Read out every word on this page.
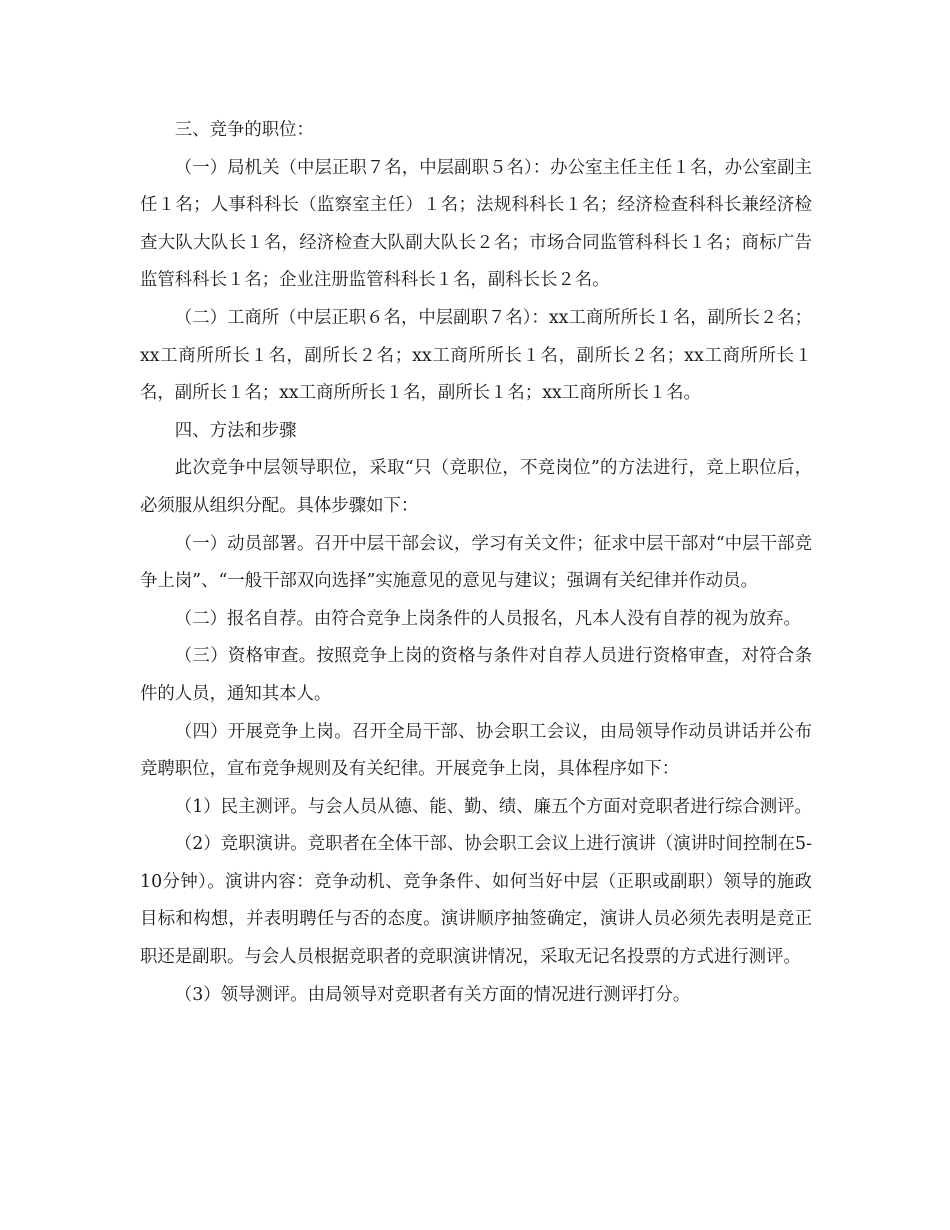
三、竞争的职位：

（一）局机关（中层正职７名，中层副职５名）：办公室主任主任１名，办公室副主任１名；人事科科长（监察室主任）１名；法规科科长１名；经济检查科科长兼经济检查大队大队长１名，经济检查大队副大队长２名；市场合同监管科科长１名；商标广告监管科科长１名；企业注册监管科科长１名，副科长长２名。

（二）工商所（中层正职６名，中层副职７名）：xx工商所所长１名，副所长２名；xx工商所所长１名，副所长２名；xx工商所所长１名，副所长２名；xx工商所所长１名，副所长１名；xx工商所所长１名，副所长１名；xx工商所所长１名。

四、方法和步骤

此次竞争中层领导职位，采取“只（竞职位，不竞岗位”的方法进行，竞上职位后，必须服从组织分配。具体步骤如下：

（一）动员部署。召开中层干部会议，学习有关文件；征求中层干部对“中层干部竞争上岗”、“一般干部双向选择”实施意见的意见与建议；强调有关纪律并作动员。

（二）报名自荐。由符合竞争上岗条件的人员报名，凡本人没有自荐的视为放弃。

（三）资格审查。按照竞争上岗的资格与条件对自荐人员进行资格审查，对符合条件的人员，通知其本人。

（四）开展竞争上岗。召开全局干部、协会职工会议，由局领导作动员讲话并公布竞聘职位，宣布竞争规则及有关纪律。开展竞争上岗，具体程序如下：

（1）民主测评。与会人员从德、能、勤、绩、廉五个方面对竞职者进行综合测评。

（2）竞职演讲。竞职者在全体干部、协会职工会议上进行演讲（演讲时间控制在5-10分钟）。演讲内容：竞争动机、竞争条件、如何当好中层（正职或副职）领导的施政目标和构想，并表明聘任与否的态度。演讲顺序抽签确定，演讲人员必须先表明是竞正职还是副职。与会人员根据竞职者的竞职演讲情况，采取无记名投票的方式进行测评。

（3）领导测评。由局领导对竞职者有关方面的情况进行测评打分。
